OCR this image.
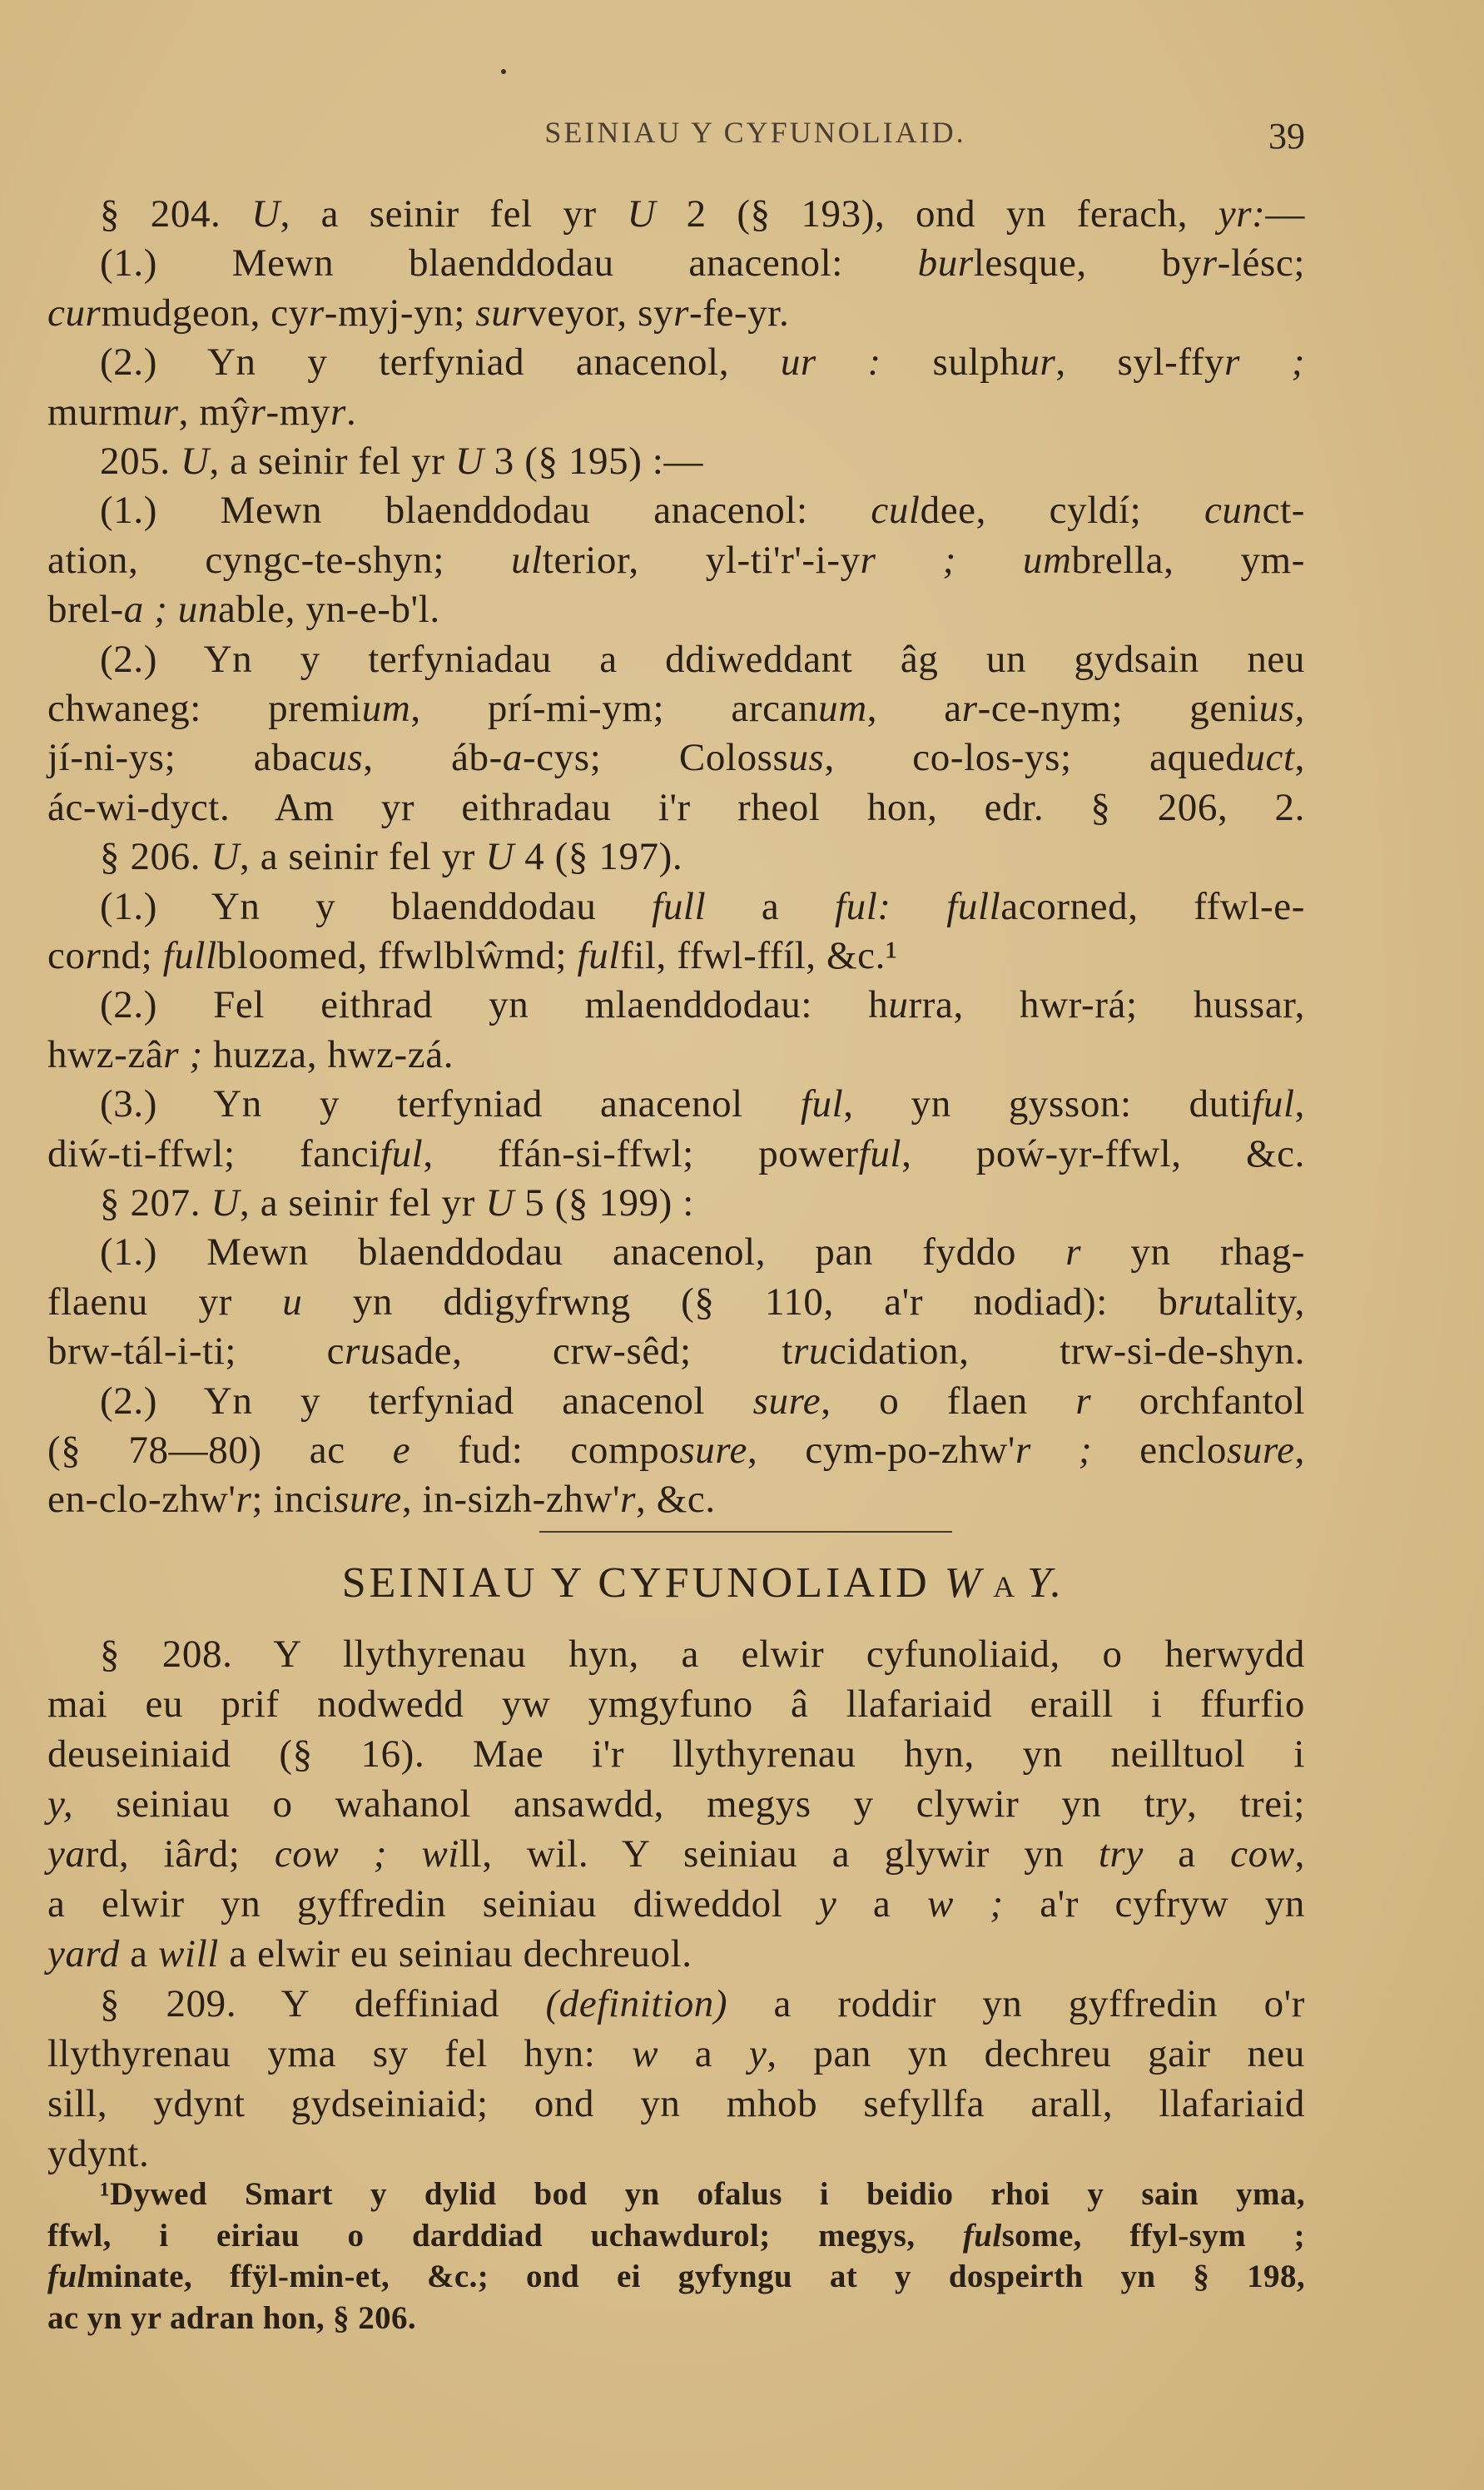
SEINIAU Y CYFUNOLIAID.	39
§ 204. U, a seinir fel yr U 2 (§ 193), ond yn ferach, yr:—
(1.) Mewn blaenddodau anacenol: burlesque, byr-lésc;
curmudgeon, cyr-myj-yn; surveyor, syr-fe-yr.
(2.) Yn y terfyniad anacenol, ur : sulphur, syl-ffyr ;
murmur, mŷr-myr.
205. U, a seinir fel yr U 3 (§ 195) :—
(1.) Mewn blaenddodau anacenol: culdee, cyldí; cunct-
ation, cyngc-te-shyn; ulterior, yl-ti'r'-i-yr ; umbrella, ym-
brel-a ; unable, yn-e-b'l.
(2.) Yn y terfyniadau a ddiweddant âg un gydsain neu
chwaneg: premium, prí-mi-ym; arcanum, ar-ce-nym; genius,
jí-ni-ys; abacus, áb-a-cys; Colossus, co-los-ys; aqueduct,
ác-wi-dyct. Am yr eithradau i'r rheol hon, edr. § 206, 2.
§ 206. U, a seinir fel yr U 4 (§ 197).
(1.) Yn y blaenddodau full a ful: fullacorned, ffwl-e-
cornd; fullbloomed, ffwlblŵmd; fulfil, ffwl-ffíl, &c.¹
(2.) Fel eithrad yn mlaenddodau: hurra, hwr-rá; hussar,
hwz-zâr ; huzza, hwz-zá.
(3.) Yn y terfyniad anacenol ful, yn gysson: dutiful,
diẃ-ti-ffwl; fanciful, ffán-si-ffwl; powerful, poẃ-yr-ffwl, &c.
§ 207. U, a seinir fel yr U 5 (§ 199) :
(1.) Mewn blaenddodau anacenol, pan fyddo r yn rhag-
flaenu yr u yn ddigyfrwng (§ 110, a'r nodiad): brutality,
brw-tál-i-ti; crusade, crw-sêd; trucidation, trw-si-de-shyn.
(2.) Yn y terfyniad anacenol sure, o flaen r orchfantol
(§ 78—80) ac e fud: composure, cym-po-zhw'r ; enclosure,
en-clo-zhw'r; incisure, in-sizh-zhw'r, &c.
SEINIAU Y CYFUNOLIAID W A Y.
§ 208. Y llythyrenau hyn, a elwir cyfunoliaid, o herwydd
mai eu prif nodwedd yw ymgyfuno â llafariaid eraill i ffurfio
deuseiniaid (§ 16). Mae i'r llythyrenau hyn, yn neilltuol i
y, seiniau o wahanol ansawdd, megys y clywir yn try, trei;
yard, iârd; cow ; will, wil. Y seiniau a glywir yn try a cow,
a elwir yn gyffredin seiniau diweddol y a w ; a'r cyfryw yn
yard a will a elwir eu seiniau dechreuol.
§ 209. Y deffiniad (definition) a roddir yn gyffredin o'r
llythyrenau yma sy fel hyn: w a y, pan yn dechreu gair neu
sill, ydynt gydseiniaid; ond yn mhob sefyllfa arall, llafariaid
ydynt.
¹Dywed Smart y dylid bod yn ofalus i beidio rhoi y sain yma,
ffwl, i eiriau o darddiad uchawdurol; megys, fulsome, ffyl-sym ;
fulminate, ffÿl-min-et, &c.; ond ei gyfyngu at y dospeirth yn § 198,
ac yn yr adran hon, § 206.
